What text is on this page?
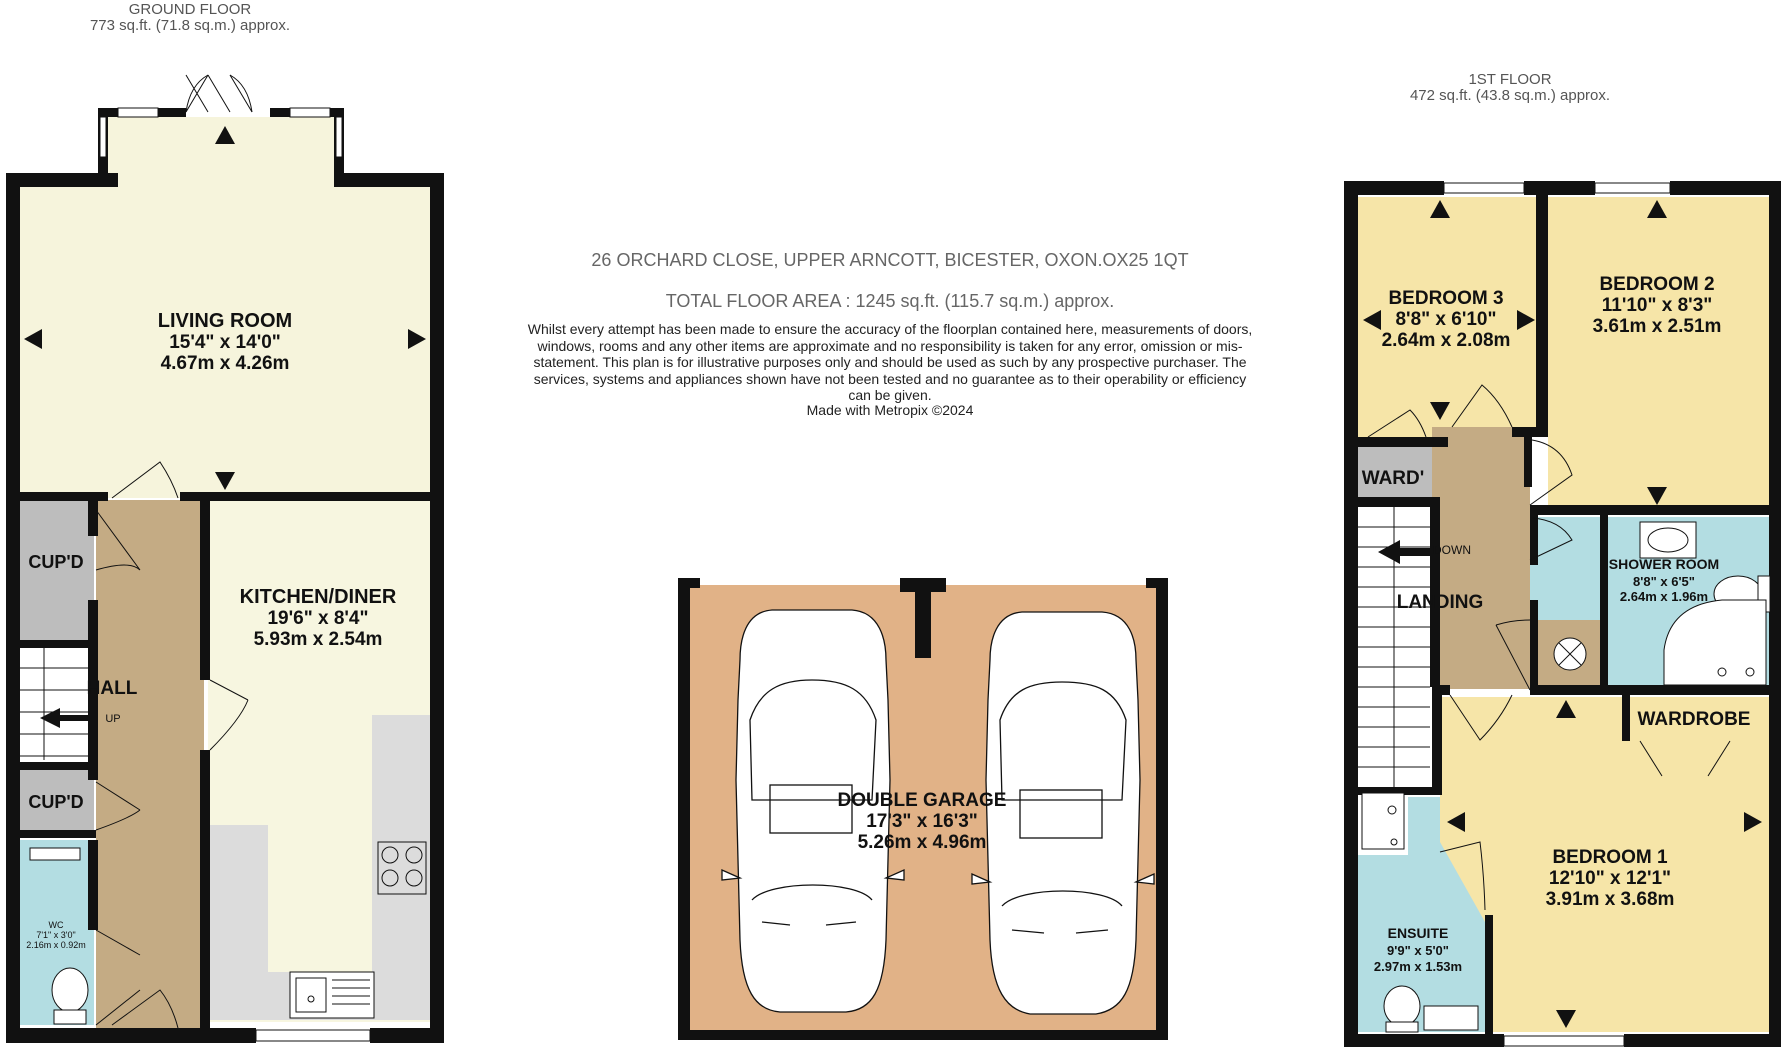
GROUND FLOOR
773 sq.ft. (71.8 sq.m.) approx.
1ST FLOOR
472 sq.ft. (43.8 sq.m.) approx.
26 ORCHARD CLOSE, UPPER ARNCOTT, BICESTER, OXON.OX25 1QT
TOTAL FLOOR AREA : 1245 sq.ft. (115.7 sq.m.) approx.
Whilst every attempt has been made to ensure the accuracy of the floorplan contained here, measurements of doors, windows, rooms and any other items are approximate and no responsibility is taken for any error, omission or mis-statement. This plan is for illustrative purposes only and should be used as such by any prospective purchaser. The services, systems and appliances shown have not been tested and no guarantee as to their operability or efficiency can be given.
Made with Metropix ©2024
LIVING ROOM
15'4" x 14'0"
4.67m x 4.26m
KITCHEN/DINER
19'6" x 8'4"
5.93m x 2.54m
HALL
UP
CUP'D
CUP'D
WC
7'1" x 3'0"
2.16m x 0.92m
DOUBLE GARAGE
17'3" x 16'3"
5.26m x 4.96m
BEDROOM 3
8'8" x 6'10"
2.64m x 2.08m
BEDROOM 2
11'10" x 8'3"
3.61m x 2.51m
WARD'
LANDING
DOWN
SHOWER ROOM
8'8" x 6'5"
2.64m x 1.96m
WARDROBE
BEDROOM 1
12'10" x 12'1"
3.91m x 3.68m
ENSUITE
9'9" x 5'0"
2.97m x 1.53m
